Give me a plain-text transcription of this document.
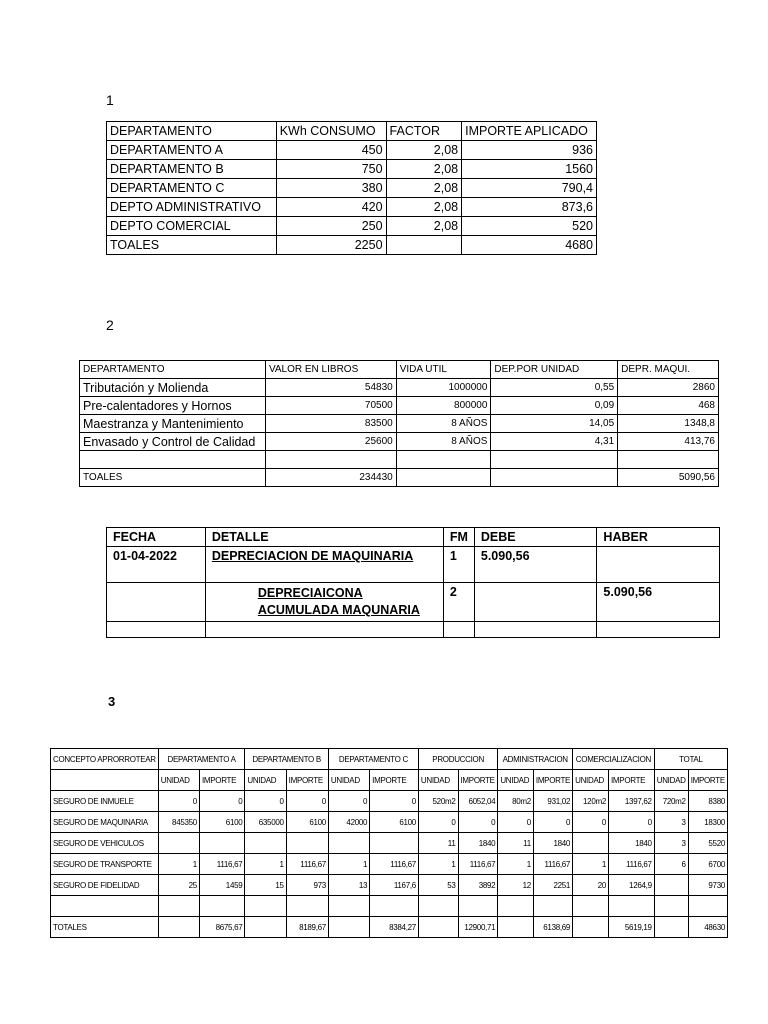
1
DEPARTAMENTO	KWh CONSUMO	FACTOR	IMPORTE APLICADO
DEPARTAMENTO A	450	2,08	936
DEPARTAMENTO B	750	2,08	1560
DEPARTAMENTO C	380	2,08	790,4
DEPTO ADMINISTRATIVO	420	2,08	873,6
DEPTO COMERCIAL	250	2,08	520
TOALES	2250		4680
2
DEPARTAMENTO	VALOR EN LIBROS	VIDA UTIL	DEP.POR UNIDAD	DEPR. MAQUI.
Tributación y Molienda	54830	1000000	0,55	2860
Pre-calentadores y Hornos	70500	800000	0,09	468
Maestranza y Mantenimiento	83500	8 AÑOS	14,05	1348,8
Envasado y Control de Calidad	25600	8 AÑOS	4,31	413,76

TOALES	234430			5090,56
FECHA	DETALLE	FM	DEBE	HABER
01-04-2022	DEPRECIACION DE MAQUINARIA	1	5.090,56	

	DEPRECIAICONA ACUMULADA MAQUNARIA	2		5.090,56

3
CONCEPTO APRORROTEAR	DEPARTAMENTO A		DEPARTAMENTO B		DEPARTAMENTO C		PRODUCCION		ADMINISTRACION		COMERCIALIZACION		TOTAL	
	UNIDAD	IMPORTE	UNIDAD	IMPORTE	UNIDAD	IMPORTE	UNIDAD	IMPORTE	UNIDAD	IMPORTE	UNIDAD	IMPORTE	UNIDAD	IMPORTE
SEGURO DE INMUELE	0	0	0	0	0	0	520m2	6052,04	80m2	931,02	120m2	1397,62	720m2	8380
SEGURO DE MAQUINARIA	845350	6100	635000	6100	42000	6100	0	0	0	0	0	0	3	18300
SEGURO DE VEHICULOS							11	1840	11	1840		1840	3	5520
SEGURO DE TRANSPORTE	1	1116,67	1	1116,67	1	1116,67	1	1116,67	1	1116,67	1	1116,67	6	6700
SEGURO DE FIDELIDAD	25	1459	15	973	13	1167,6	53	3892	12	2251	20	1264,9		9730

TOTALES		8675,67		8189,67		8384,27		12900,71		6138,69		5619,19		48630
